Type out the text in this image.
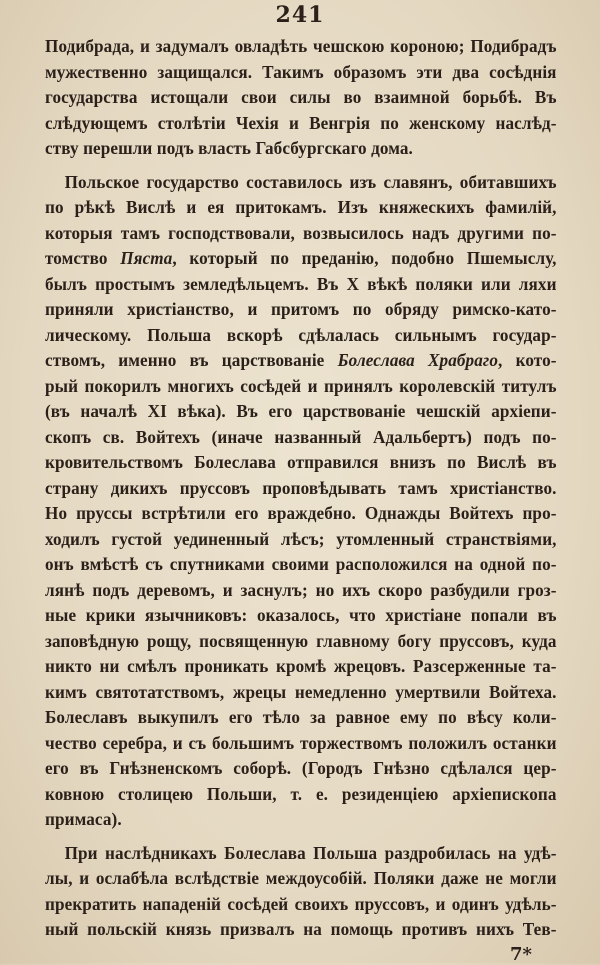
241
Подибрада, и задумалъ овладѣть чешскою короною; Подибрадъ
мужественно защищался. Такимъ образомъ эти два сосѣднія
государства истощали свои силы во взаимной борьбѣ. Въ
слѣдующемъ столѣтіи Чехія и Венгрія по женскому наслѣд-
ству перешли подъ власть Габсбургскаго дома.
Польское государство составилось изъ славянъ, обитавшихъ
по рѣкѣ Вислѣ и ея притокамъ. Изъ княжескихъ фамилій,
которыя тамъ господствовали, возвысилось надъ другими по-
томство Пяста, который по преданію, подобно Пшемыслу,
былъ простымъ земледѣльцемъ. Въ X вѣкѣ поляки или ляхи
приняли христіанство, и притомъ по обряду римско-като-
лическому. Польша вскорѣ сдѣлалась сильнымъ государ-
ствомъ, именно въ царствованіе Болеслава Храбраго, кото-
рый покорилъ многихъ сосѣдей и принялъ королевскій титулъ
(въ началѣ XI вѣка). Въ его царствованіе чешскій архіепи-
скопъ св. Войтехъ (иначе названный Адальбертъ) подъ по-
кровительствомъ Болеслава отправился внизъ по Вислѣ въ
страну дикихъ пруссовъ проповѣдывать тамъ христіанство.
Но пруссы встрѣтили его враждебно. Однажды Войтехъ про-
ходилъ густой уединенный лѣсъ; утомленный странствіями,
онъ вмѣстѣ съ спутниками своими расположился на одной по-
лянѣ подъ деревомъ, и заснулъ; но ихъ скоро разбудили гроз-
ные крики язычниковъ: оказалось, что христіане попали въ
заповѣдную рощу, посвященную главному богу пруссовъ, куда
никто ни смѣлъ проникать кромѣ жрецовъ. Разсерженные та-
кимъ святотатствомъ, жрецы немедленно умертвили Войтеха.
Болеславъ выкупилъ его тѣло за равное ему по вѣсу коли-
чество серебра, и съ большимъ торжествомъ положилъ останки
его въ Гнѣзненскомъ соборѣ. (Городъ Гнѣзно сдѣлался цер-
ковною столицею Польши, т. е. резиденціею архіепископа
примаса).
При наслѣдникахъ Болеслава Польша раздробилась на удѣ-
лы, и ослабѣла вслѣдствіе междоусобій. Поляки даже не могли
прекратить нападеній сосѣдей своихъ пруссовъ, и одинъ удѣль-
ный польскій князь призвалъ на помощь противъ нихъ Тев-
7*
